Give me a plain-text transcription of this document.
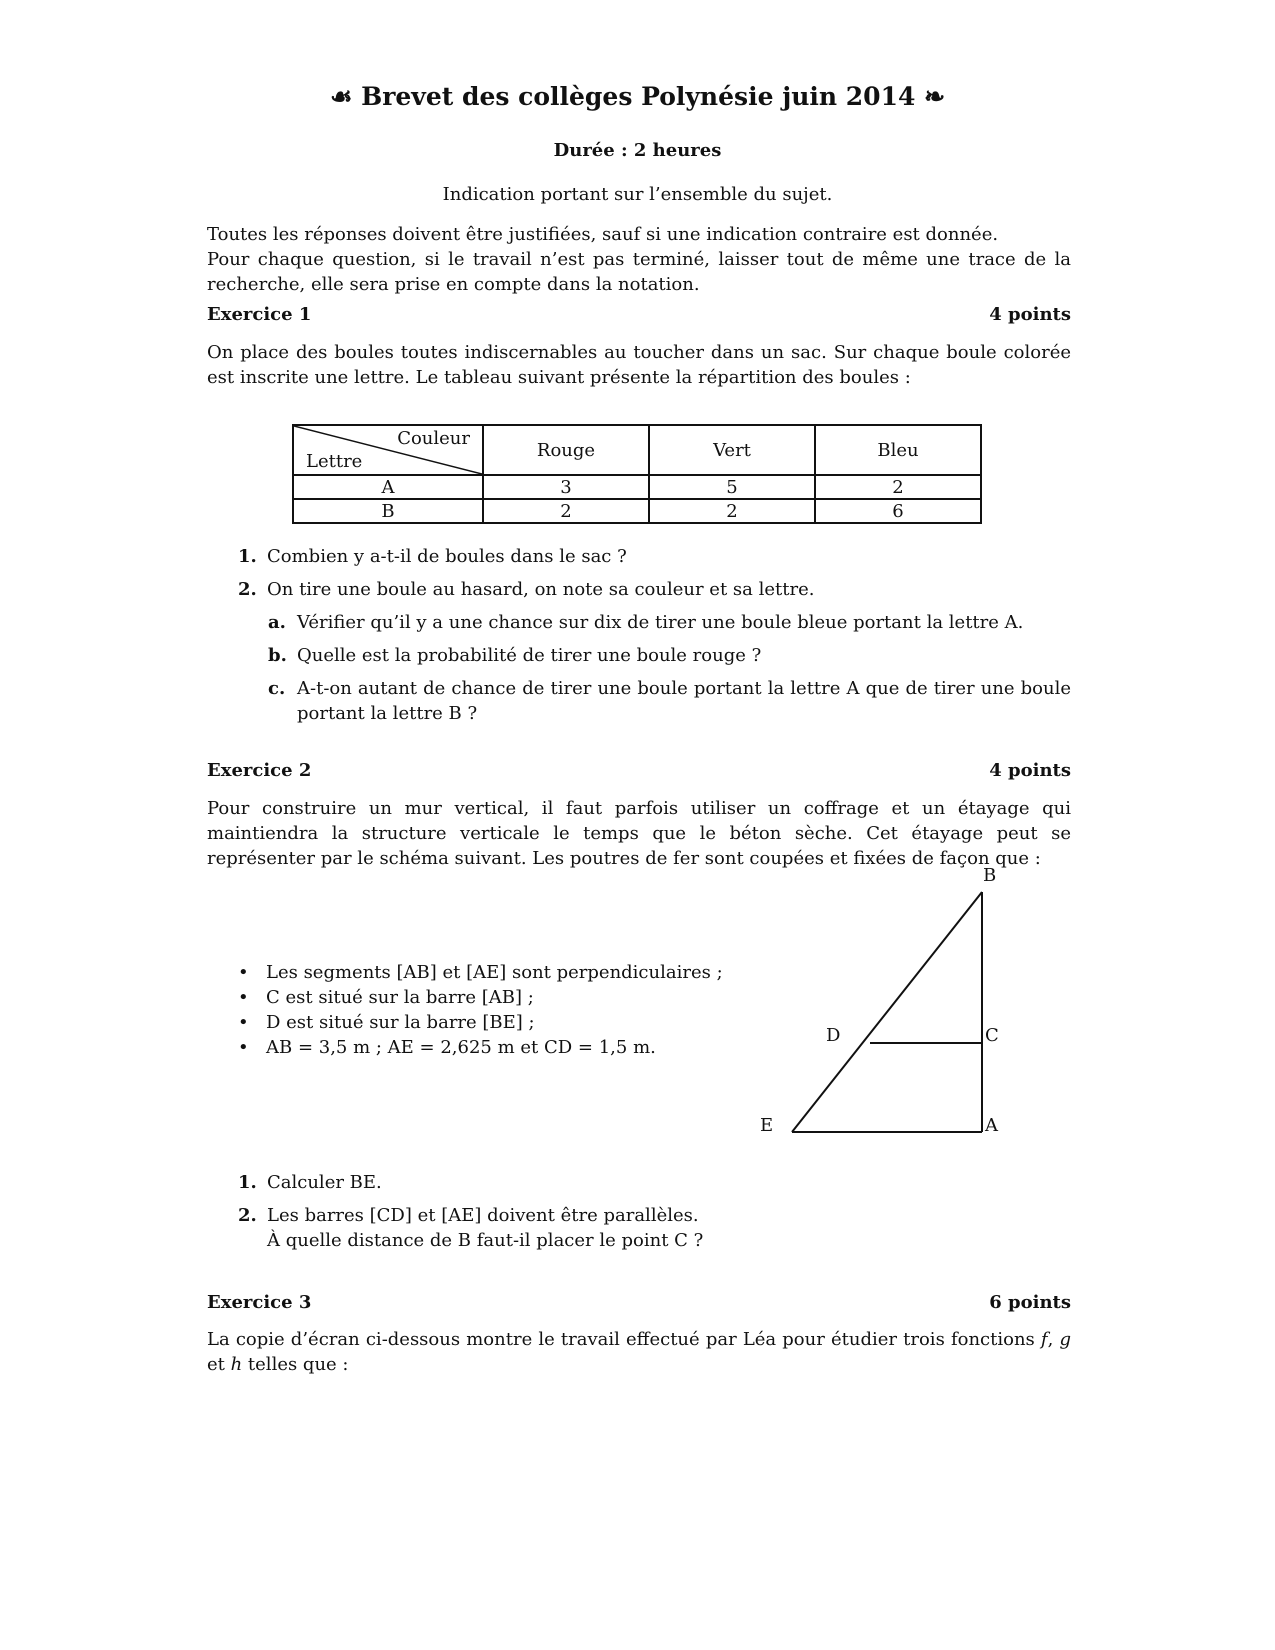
☙ Brevet des collèges Polynésie juin 2014 ❧
Durée : 2 heures
Indication portant sur l’ensemble du sujet.

Toutes les réponses doivent être justifiées, sauf si une indication contraire est donnée.

Pour chaque question, si le travail n’est pas terminé, laisser tout de même une trace de la recherche, elle sera prise en compte dans la notation.

Exercice 1	4 points
On place des boules toutes indiscernables au toucher dans un sac. Sur chaque boule colorée est inscrite une lettre. Le tableau suivant présente la répartition des boules :
Couleur
Lettre	Rouge	Vert	Bleu
A	3	5	2
B	2	2	6
1. Combien y a-t-il de boules dans le sac ?
2. On tire une boule au hasard, on note sa couleur et sa lettre.
a. Vérifier qu’il y a une chance sur dix de tirer une boule bleue portant la lettre A.
b. Quelle est la probabilité de tirer une boule rouge ?
c. A-t-on autant de chance de tirer une boule portant la lettre A que de tirer une boule portant la lettre B ?
Exercice 2	4 points
Pour construire un mur vertical, il faut parfois utiliser un coffrage et un étayage qui maintiendra la structure verticale le temps que le béton sèche. Cet étayage peut se représenter par le schéma suivant. Les poutres de fer sont coupées et fixées de façon que :
• Les segments [AB] et [AE] sont perpendiculaires ;
• C est situé sur la barre [AB] ;
• D est situé sur la barre [BE] ;
• AB = 3,5 m ; AE = 2,625 m et CD = 1,5 m.
B
C
D
E	A
1. Calculer BE.
2. Les barres [CD] et [AE] doivent être parallèles.
À quelle distance de B faut-il placer le point C ?
Exercice 3	6 points
La copie d’écran ci-dessous montre le travail effectué par Léa pour étudier trois fonctions f, g et h telles que :
